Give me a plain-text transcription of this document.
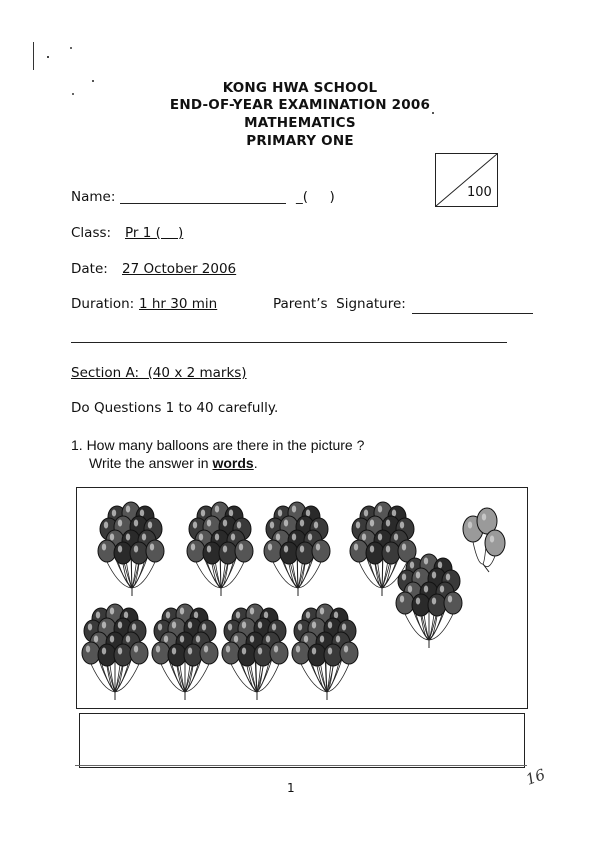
KONG HWA SCHOOL
END-OF-YEAR EXAMINATION 2006
MATHEMATICS
PRIMARY ONE
100
Name:	_(     )
Class: Pr 1 (    )
Date: 27 October 2006
Duration: 1 hr 30 min	Parent’s  Signature:
Section A:  (40 x 2 marks)
Do Questions 1 to 40 carefully.
1. How many balloons are there in the picture ?
Write the answer in words.
1	16
